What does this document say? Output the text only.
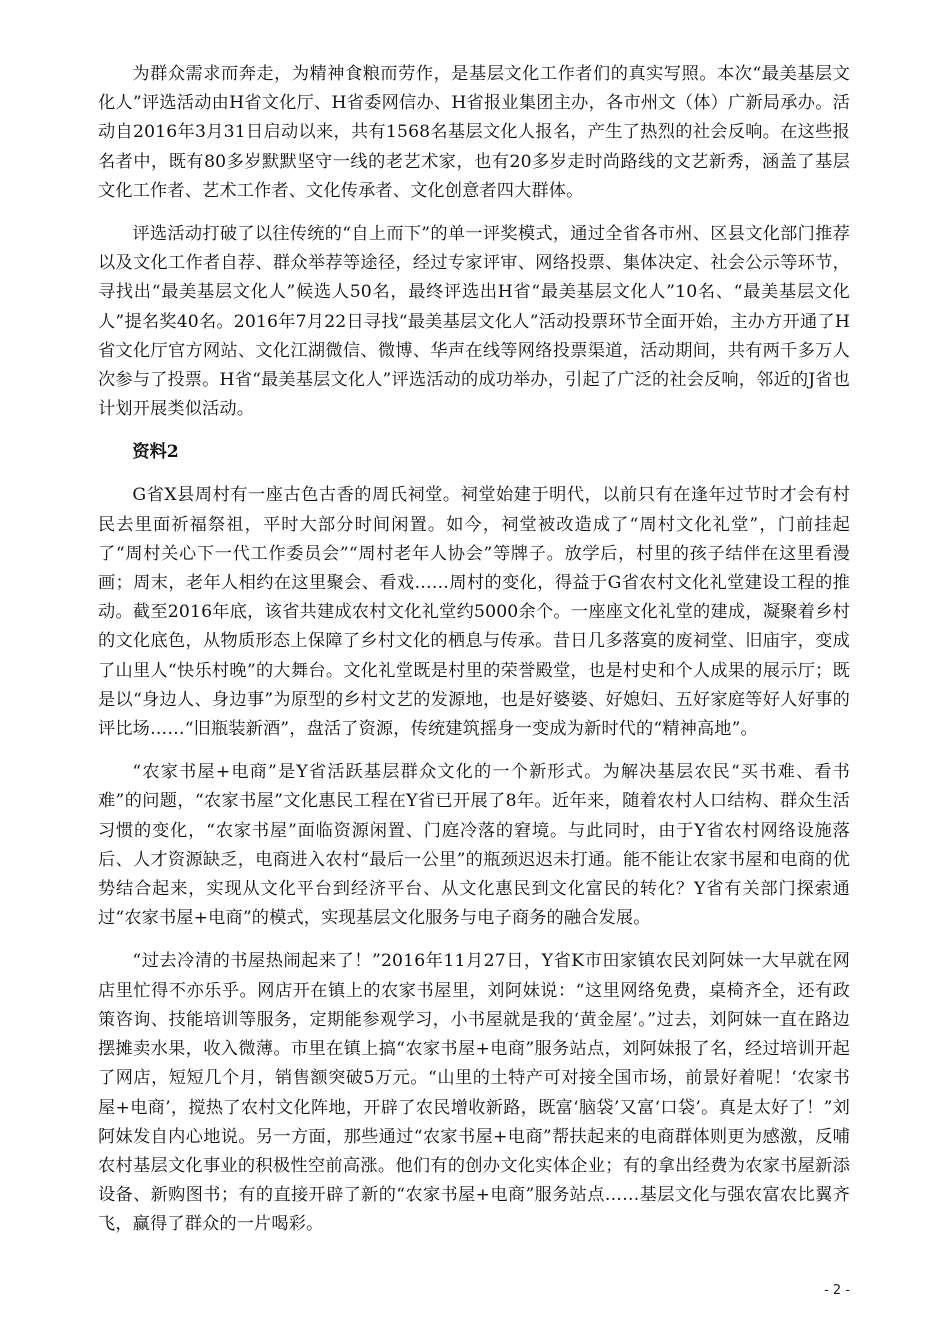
为群众需求而奔走，为精神食粮而劳作，是基层文化工作者们的真实写照。本次“最美基层文化人”评选活动由H省文化厅、H省委网信办、H省报业集团主办，各市州文（体）广新局承办。活动自2016年3月31日启动以来，共有1568名基层文化人报名，产生了热烈的社会反响。在这些报名者中，既有80多岁默默坚守一线的老艺术家，也有20多岁走时尚路线的文艺新秀，涵盖了基层文化工作者、艺术工作者、文化传承者、文化创意者四大群体。

评选活动打破了以往传统的“自上而下”的单一评奖模式，通过全省各市州、区县文化部门推荐以及文化工作者自荐、群众举荐等途径，经过专家评审、网络投票、集体决定、社会公示等环节，寻找出“最美基层文化人”候选人50名，最终评选出H省“最美基层文化人”10名、“最美基层文化人”提名奖40名。2016年7月22日寻找“最美基层文化人”活动投票环节全面开始，主办方开通了H省文化厅官方网站、文化江湖微信、微博、华声在线等网络投票渠道，活动期间，共有两千多万人次参与了投票。H省“最美基层文化人”评选活动的成功举办，引起了广泛的社会反响，邻近的J省也计划开展类似活动。

资料2

G省X县周村有一座古色古香的周氏祠堂。祠堂始建于明代，以前只有在逢年过节时才会有村民去里面祈福祭祖，平时大部分时间闲置。如今，祠堂被改造成了“周村文化礼堂”，门前挂起了“周村关心下一代工作委员会”“周村老年人协会”等牌子。放学后，村里的孩子结伴在这里看漫画；周末，老年人相约在这里聚会、看戏……周村的变化，得益于G省农村文化礼堂建设工程的推动。截至2016年底，该省共建成农村文化礼堂约5000余个。一座座文化礼堂的建成，凝聚着乡村的文化底色，从物质形态上保障了乡村文化的栖息与传承。昔日几多落寞的废祠堂、旧庙宇，变成了山里人“快乐村晚”的大舞台。文化礼堂既是村里的荣誉殿堂，也是村史和个人成果的展示厅；既是以“身边人、身边事”为原型的乡村文艺的发源地，也是好婆婆、好媳妇、五好家庭等好人好事的评比场……“旧瓶装新酒”，盘活了资源，传统建筑摇身一变成为新时代的“精神高地”。

“农家书屋+电商”是Y省活跃基层群众文化的一个新形式。为解决基层农民“买书难、看书难”的问题，“农家书屋”文化惠民工程在Y省已开展了8年。近年来，随着农村人口结构、群众生活习惯的变化，“农家书屋”面临资源闲置、门庭冷落的窘境。与此同时，由于Y省农村网络设施落后、人才资源缺乏，电商进入农村“最后一公里”的瓶颈迟迟未打通。能不能让农家书屋和电商的优势结合起来，实现从文化平台到经济平台、从文化惠民到文化富民的转化？Y省有关部门探索通过“农家书屋+电商”的模式，实现基层文化服务与电子商务的融合发展。

“过去冷清的书屋热闹起来了！”2016年11月27日，Y省K市田家镇农民刘阿妹一大早就在网店里忙得不亦乐乎。网店开在镇上的农家书屋里，刘阿妹说：“这里网络免费，桌椅齐全，还有政策咨询、技能培训等服务，定期能参观学习，小书屋就是我的‘黄金屋’。”过去，刘阿妹一直在路边摆摊卖水果，收入微薄。市里在镇上搞“农家书屋+电商”服务站点，刘阿妹报了名，经过培训开起了网店，短短几个月，销售额突破5万元。“山里的土特产可对接全国市场，前景好着呢！‘农家书屋+电商’，搅热了农村文化阵地，开辟了农民增收新路，既富‘脑袋’又富‘口袋’。真是太好了！”刘阿妹发自内心地说。另一方面，那些通过“农家书屋+电商”帮扶起来的电商群体则更为感激，反哺农村基层文化事业的积极性空前高涨。他们有的创办文化实体企业；有的拿出经费为农家书屋新添设备、新购图书；有的直接开辟了新的“农家书屋+电商”服务站点……基层文化与强农富农比翼齐飞，赢得了群众的一片喝彩。

- 2 -
